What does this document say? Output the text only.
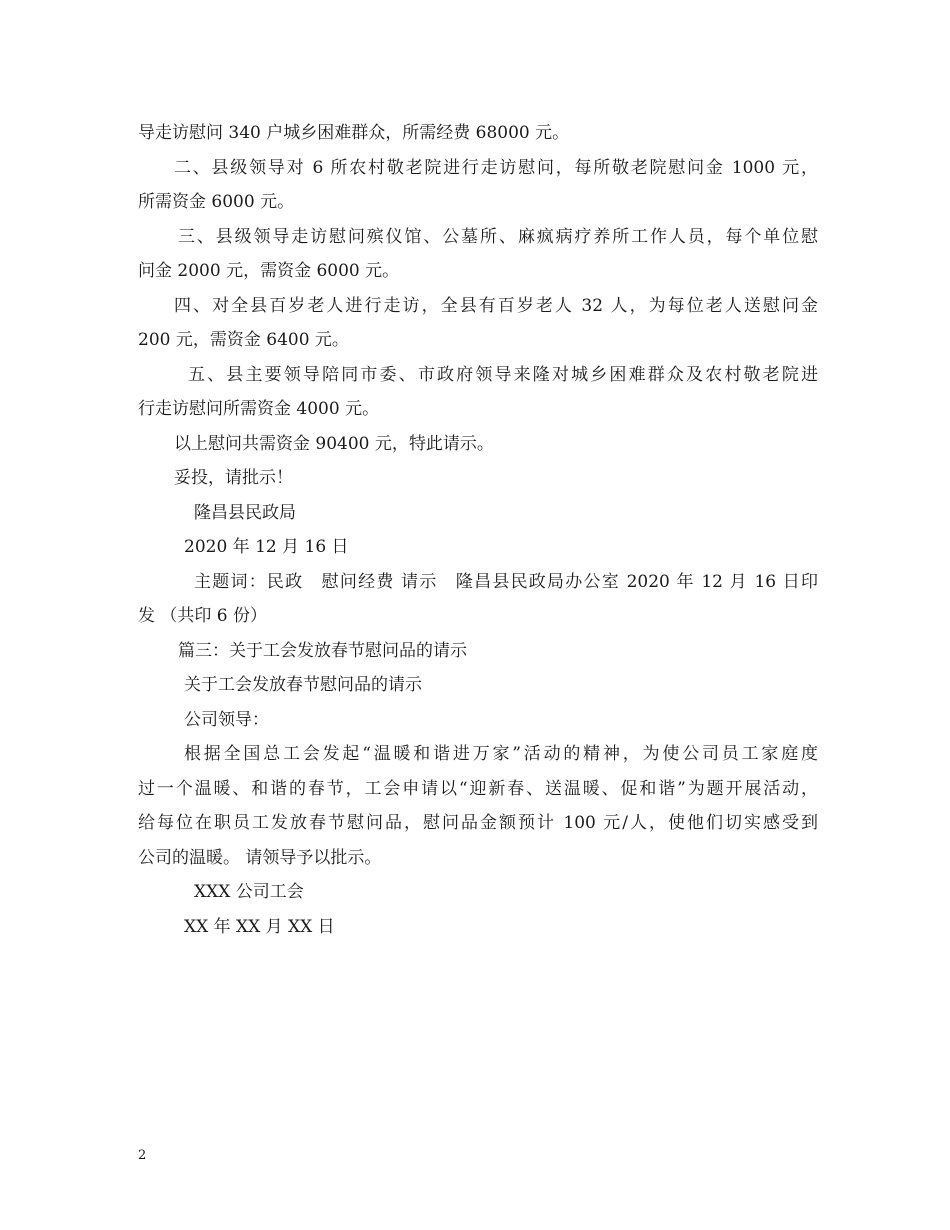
导走访慰问 340 户城乡困难群众，所需经费 68000 元。
二、县级领导对 6 所农村敬老院进行走访慰问，每所敬老院慰问金 1000 元，
所需资金 6000 元。
三、县级领导走访慰问殡仪馆、公墓所、麻疯病疗养所工作人员，每个单位慰
问金 2000 元，需资金 6000 元。
四、对全县百岁老人进行走访，全县有百岁老人 32 人，为每位老人送慰问金
200 元，需资金 6400 元。
五、县主要领导陪同市委、市政府领导来隆对城乡困难群众及农村敬老院进
行走访慰问所需资金 4000 元。
以上慰问共需资金 90400 元，特此请示。
妥投，请批示！
隆昌县民政局
2020 年 12 月 16 日
主题词：民政　慰问经费 请示　隆昌县民政局办公室 2020 年 12 月 16 日印
发 （共印 6 份）
篇三：关于工会发放春节慰问品的请示
关于工会发放春节慰问品的请示
公司领导：
根据全国总工会发起“温暖和谐进万家”活动的精神，为使公司员工家庭度
过一个温暖、和谐的春节，工会申请以“迎新春、送温暖、促和谐”为题开展活动，
给每位在职员工发放春节慰问品，慰问品金额预计 100 元/人，使他们切实感受到
公司的温暖。 请领导予以批示。
XXX 公司工会
XX 年 XX 月 XX 日
2
